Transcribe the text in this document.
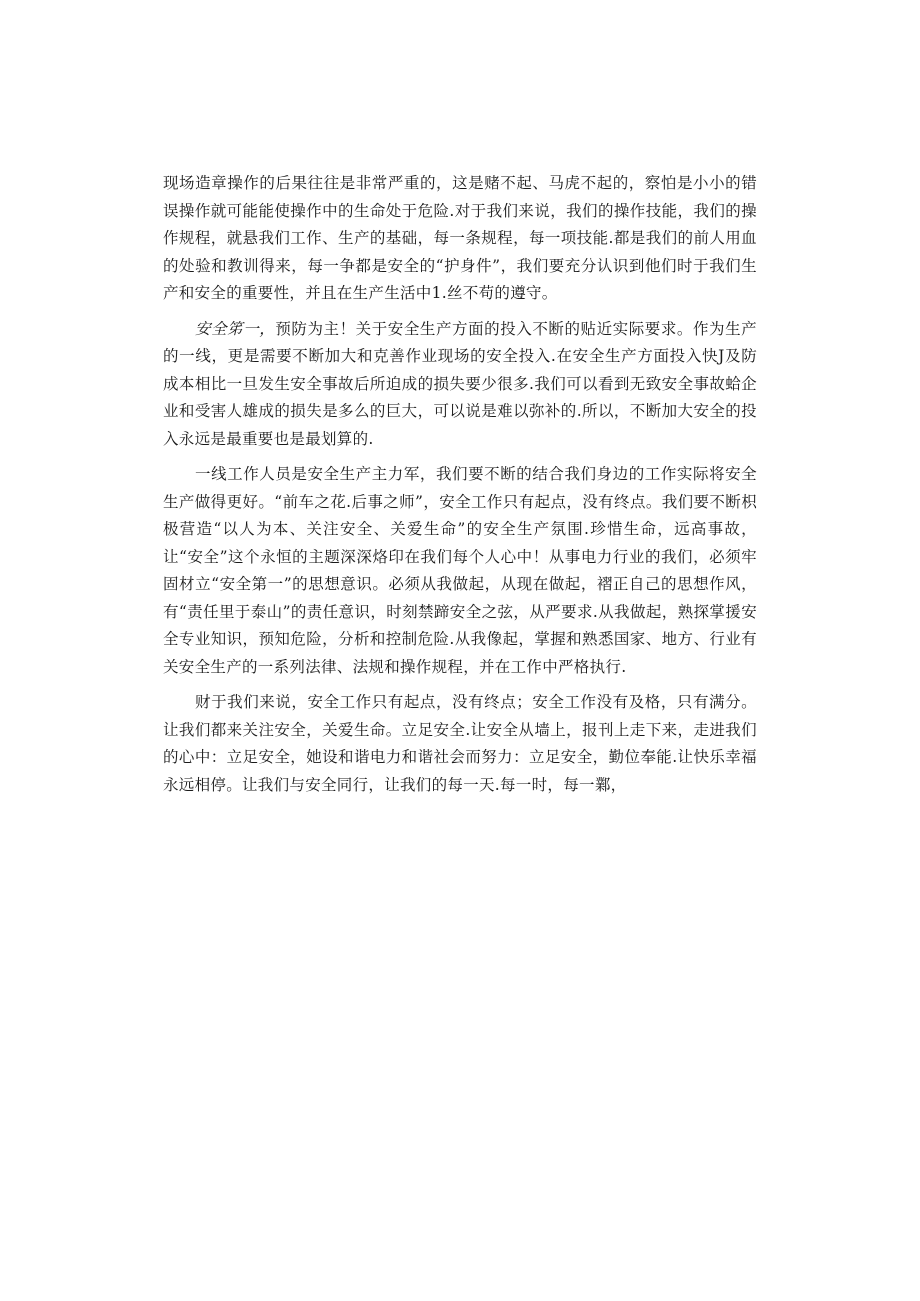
现场造章操作的后果往往是非常严重的，这是赌不起、马虎不起的，察怕是小小的错误操作就可能能使操作中的生命处于危险.对于我们来说，我们的操作技能，我们的操作规程，就悬我们工作、生产的基础，每一条规程，每一项技能.都是我们的前人用血的处验和教训得来，每一争都是安全的“护身件”，我们要充分认识到他们时于我们生产和安全的重要性，并且在生产生活中1.丝不苟的遵守。

安全笫一，预防为主！关于安全生产方面的投入不断的贴近实际要求。作为生产的一线，更是需要不断加大和克善作业现场的安全投入.在安全生产方面投入快J及防成本相比一旦发生安全事故后所迫成的损失要少很多.我们可以看到无致安全事故蛤企业和受害人雄成的损失是多么的巨大，可以说是难以弥补的.所以，不断加大安全的投入永远是最重要也是最划算的.

一线工作人员是安全生产主力军，我们要不断的结合我们身边的工作实际将安全生产做得更好。“前车之花.后事之师”，安全工作只有起点，没有终点。我们要不断枳极营造“以人为本、关注安全、关爱生命”的安全生产氛围.珍惜生命，远高事故，让“安全”这个永恒的主题深深烙印在我们每个人心中！从事电力行业的我们，必须牢固材立“安全第一”的思想意识。必须从我做起，从现在做起，褶正自己的思想作风，有“责任里于泰山”的责任意识，时刻禁蹄安全之弦，从严要求.从我做起，熟探掌援安全专业知识，预知危险，分析和控制危险.从我像起，掌握和熟悉国家、地方、行业有关安全生产的一系列法律、法规和操作规程，并在工作中严格执行.

财于我们来说，安全工作只有起点，没有终点；安全工作没有及格，只有满分。让我们都来关注安全，关爱生命。立足安全.让安全从墙上，报刊上走下来，走进我们的心中：立足安全，她设和谐电力和谐社会而努力：立足安全，勤位奉能.让快乐幸福永远相停。让我们与安全同行，让我们的每一天.每一时，每一鄴，
